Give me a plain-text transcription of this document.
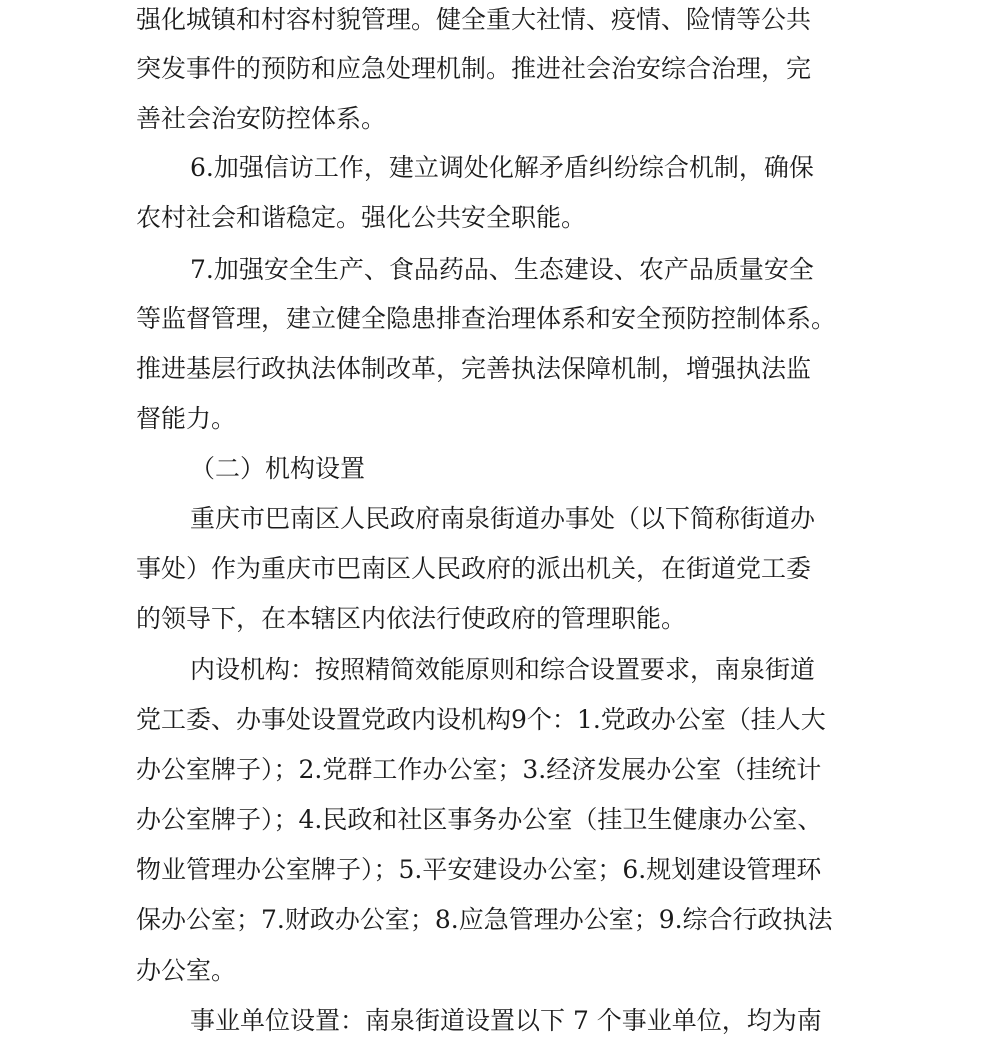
强化城镇和村容村貌管理。健全重大社情、疫情、险情等公共
突发事件的预防和应急处理机制。推进社会治安综合治理，完
善社会治安防控体系。
6.加强信访工作，建立调处化解矛盾纠纷综合机制，确保
农村社会和谐稳定。强化公共安全职能。
7.加强安全生产、食品药品、生态建设、农产品质量安全
等监督管理，建立健全隐患排查治理体系和安全预防控制体系。
推进基层行政执法体制改革，完善执法保障机制，增强执法监
督能力。
（二）机构设置
重庆市巴南区人民政府南泉街道办事处（以下简称街道办
事处）作为重庆市巴南区人民政府的派出机关，在街道党工委
的领导下，在本辖区内依法行使政府的管理职能。
内设机构：按照精简效能原则和综合设置要求，南泉街道
党工委、办事处设置党政内设机构9个：1.党政办公室（挂人大
办公室牌子）；2.党群工作办公室；3.经济发展办公室（挂统计
办公室牌子）；4.民政和社区事务办公室（挂卫生健康办公室、
物业管理办公室牌子）；5.平安建设办公室；6.规划建设管理环
保办公室；7.财政办公室；8.应急管理办公室；9.综合行政执法
办公室。
事业单位设置：南泉街道设置以下 7 个事业单位，均为南
